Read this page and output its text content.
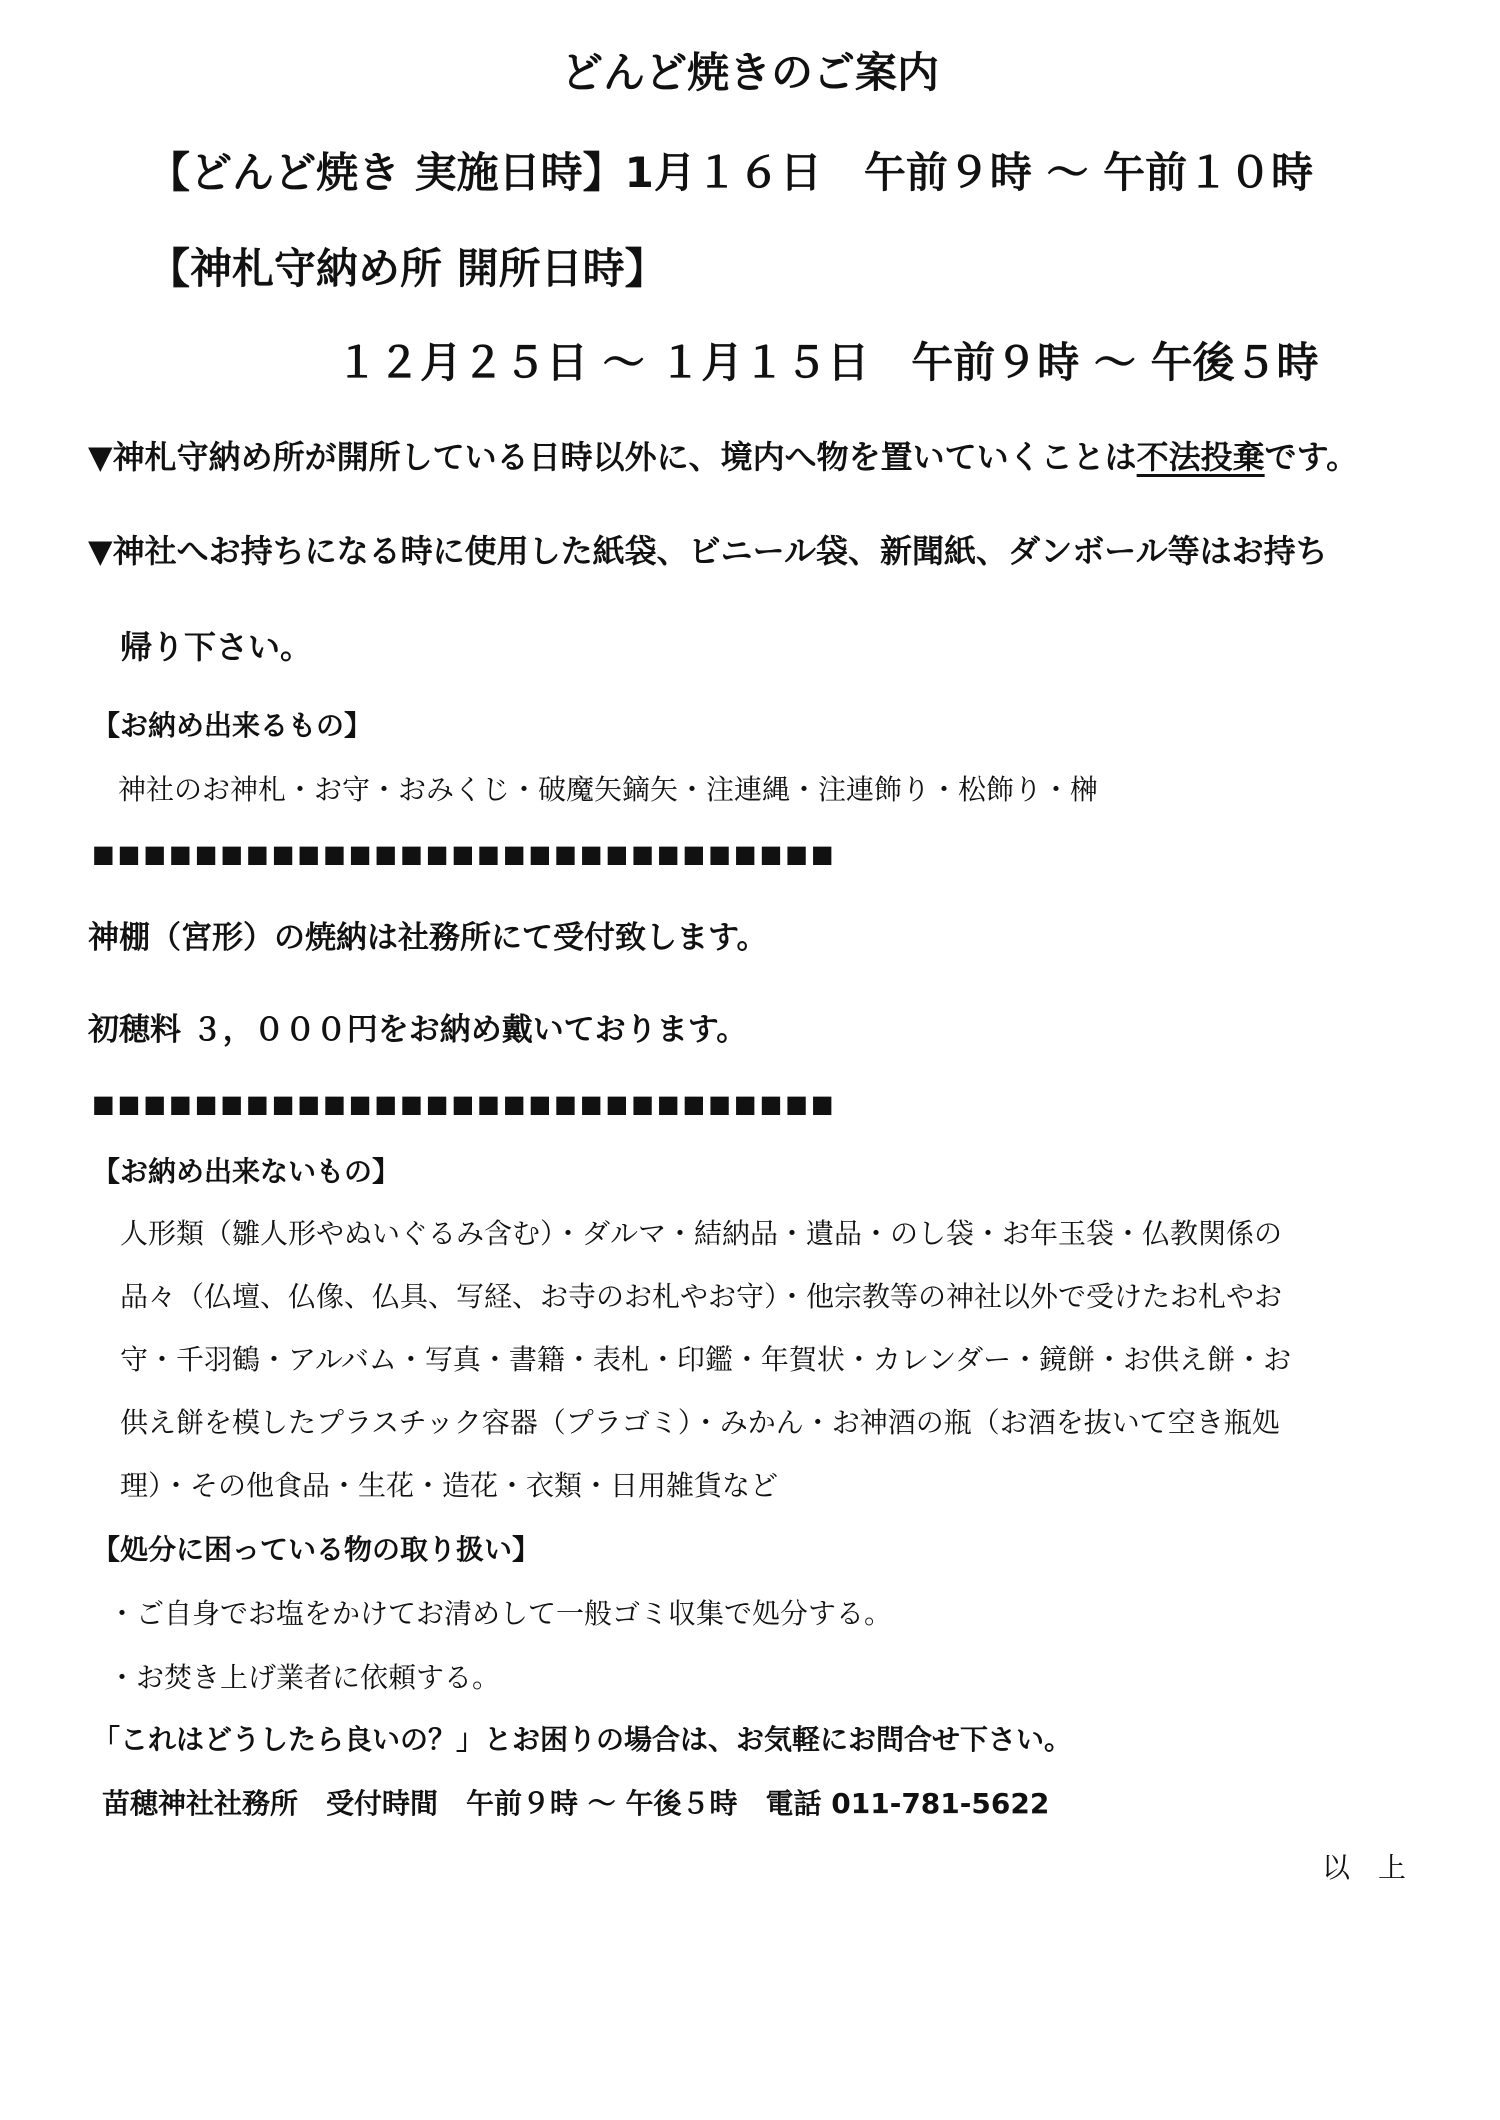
どんど焼きのご案内
【どんど焼き 実施日時】1月１６日　午前９時 ～ 午前１０時
【神札守納め所 開所日時】
１２月２５日 ～ １月１５日　午前９時 ～ 午後５時
▼神札守納め所が開所している日時以外に、境内へ物を置いていくことは不法投棄です。
▼神社へお持ちになる時に使用した紙袋、ビニール袋、新聞紙、ダンボール等はお持ち
帰り下さい。
【お納め出来るもの】
神社のお神札・お守・おみくじ・破魔矢鏑矢・注連縄・注連飾り・松飾り・榊
■■■■■■■■■■■■■■■■■■■■■■■■■■■■■
神棚（宮形）の焼納は社務所にて受付致します。
初穂料 ３，０００円をお納め戴いております。
■■■■■■■■■■■■■■■■■■■■■■■■■■■■■
【お納め出来ないもの】
人形類（雛人形やぬいぐるみ含む）・ダルマ・結納品・遺品・のし袋・お年玉袋・仏教関係の
品々（仏壇、仏像、仏具、写経、お寺のお札やお守）・他宗教等の神社以外で受けたお札やお
守・千羽鶴・アルバム・写真・書籍・表札・印鑑・年賀状・カレンダー・鏡餅・お供え餅・お
供え餅を模したプラスチック容器（プラゴミ）・みかん・お神酒の瓶（お酒を抜いて空き瓶処
理）・その他食品・生花・造花・衣類・日用雑貨など
【処分に困っている物の取り扱い】
・ご自身でお塩をかけてお清めして一般ゴミ収集で処分する。
・お焚き上げ業者に依頼する。
「これはどうしたら良いの？」とお困りの場合は、お気軽にお問合せ下さい。
苗穂神社社務所　受付時間　午前９時 ～ 午後５時　電話 011-781-5622
以　上
